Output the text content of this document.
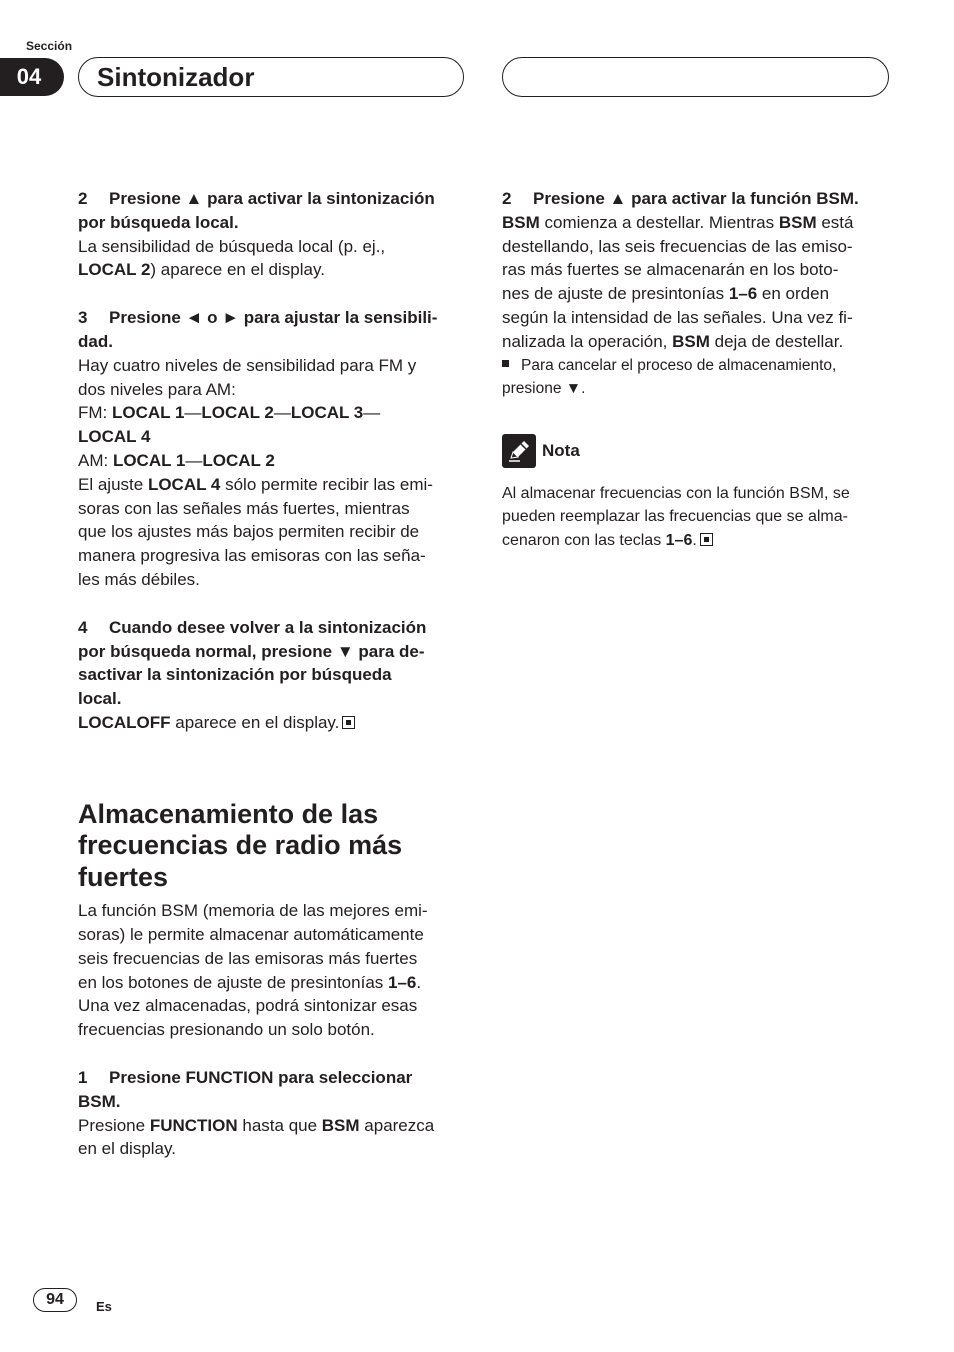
Sección
04	Sintonizador
2 Presione ▲ para activar la sintonización
por búsqueda local.

La sensibilidad de búsqueda local (p. ej.,
LOCAL 2) aparece en el display.

3 Presione ◄ o ► para ajustar la sensibili-
dad.

Hay cuatro niveles de sensibilidad para FM y
dos niveles para AM:
FM: LOCAL 1—LOCAL 2—LOCAL 3—
LOCAL 4
AM: LOCAL 1—LOCAL 2
El ajuste LOCAL 4 sólo permite recibir las emi-
soras con las señales más fuertes, mientras
que los ajustes más bajos permiten recibir de
manera progresiva las emisoras con las seña-
les más débiles.

4 Cuando desee volver a la sintonización
por búsqueda normal, presione ▼ para de-
sactivar la sintonización por búsqueda
local.

LOCALOFF aparece en el display.

Almacenamiento de las
frecuencias de radio más
fuertes

La función BSM (memoria de las mejores emi-
soras) le permite almacenar automáticamente
seis frecuencias de las emisoras más fuertes
en los botones de ajuste de presintonías 1–6.
Una vez almacenadas, podrá sintonizar esas
frecuencias presionando un solo botón.

1 Presione FUNCTION para seleccionar
BSM.

Presione FUNCTION hasta que BSM aparezca
en el display.

2 Presione ▲ para activar la función BSM.

BSM comienza a destellar. Mientras BSM está
destellando, las seis frecuencias de las emiso-
ras más fuertes se almacenarán en los boto-
nes de ajuste de presintonías 1–6 en orden
según la intensidad de las señales. Una vez fi-
nalizada la operación, BSM deja de destellar.

Para cancelar el proceso de almacenamiento,
presione ▼.

Nota

Al almacenar frecuencias con la función BSM, se
pueden reemplazar las frecuencias que se alma-
cenaron con las teclas 1–6.

94	Es
